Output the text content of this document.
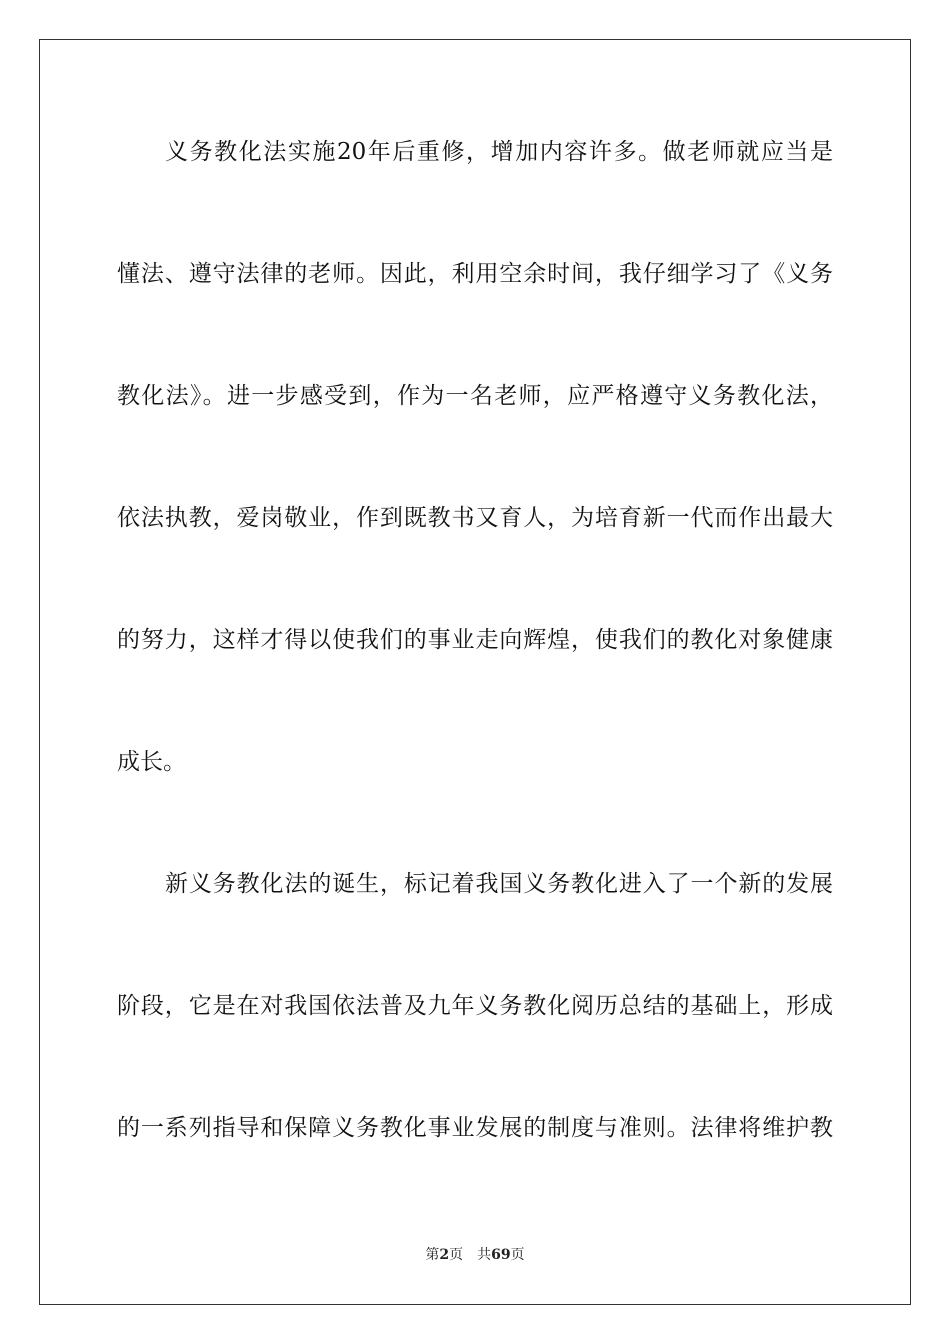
义务教化法实施20年后重修，增加内容许多。做老师就应当是
懂法、遵守法律的老师。因此，利用空余时间，我仔细学习了《义务
教化法》。进一步感受到，作为一名老师，应严格遵守义务教化法，
依法执教，爱岗敬业，作到既教书又育人，为培育新一代而作出最大
的努力，这样才得以使我们的事业走向辉煌，使我们的教化对象健康
成长。
新义务教化法的诞生，标记着我国义务教化进入了一个新的发展
阶段，它是在对我国依法普及九年义务教化阅历总结的基础上，形成
的一系列指导和保障义务教化事业发展的制度与准则。法律将维护教
第2页 共69页
